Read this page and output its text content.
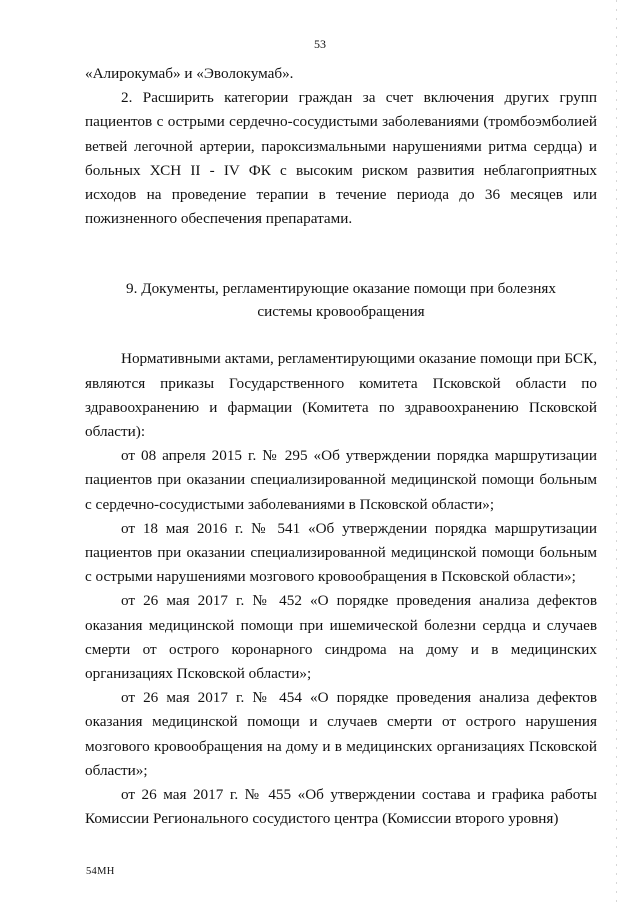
53

«Алирокумаб» и «Эволокумаб».

2. Расширить категории граждан за счет включения других групп пациентов с острыми сердечно-сосудистыми заболеваниями (тромбоэмболией ветвей легочной артерии, пароксизмальными нарушениями ритма сердца) и больных ХСН II - IV ФК с высоким риском развития неблагоприятных исходов на проведение терапии в течение периода до 36 месяцев или пожизненного обеспечения препаратами.

9. Документы, регламентирующие оказание помощи при болезнях

системы кровообращения

Нормативными актами, регламентирующими оказание помощи при БСК, являются приказы Государственного комитета Псковской области по здравоохранению и фармации (Комитета по здравоохранению Псковской области):

от 08 апреля 2015 г. № 295 «Об утверждении порядка маршрутизации пациентов при оказании специализированной медицинской помощи больным с сердечно-сосудистыми заболеваниями в Псковской области»;

от 18 мая 2016 г. № 541 «Об утверждении порядка маршрутизации пациентов при оказании специализированной медицинской помощи больным с острыми нарушениями мозгового кровообращения в Псковской области»;

от 26 мая 2017 г. № 452 «О порядке проведения анализа дефектов оказания медицинской помощи при ишемической болезни сердца и случаев смерти от острого коронарного синдрома на дому и в медицинских организациях Псковской области»;

от 26 мая 2017 г. № 454 «О порядке проведения анализа дефектов оказания медицинской помощи и случаев смерти от острого нарушения мозгового кровообращения на дому и в медицинских организациях Псковской области»;

от 26 мая 2017 г. № 455 «Об утверждении состава и графика работы Комиссии Регионального сосудистого центра (Комиссии второго уровня)

54МН
